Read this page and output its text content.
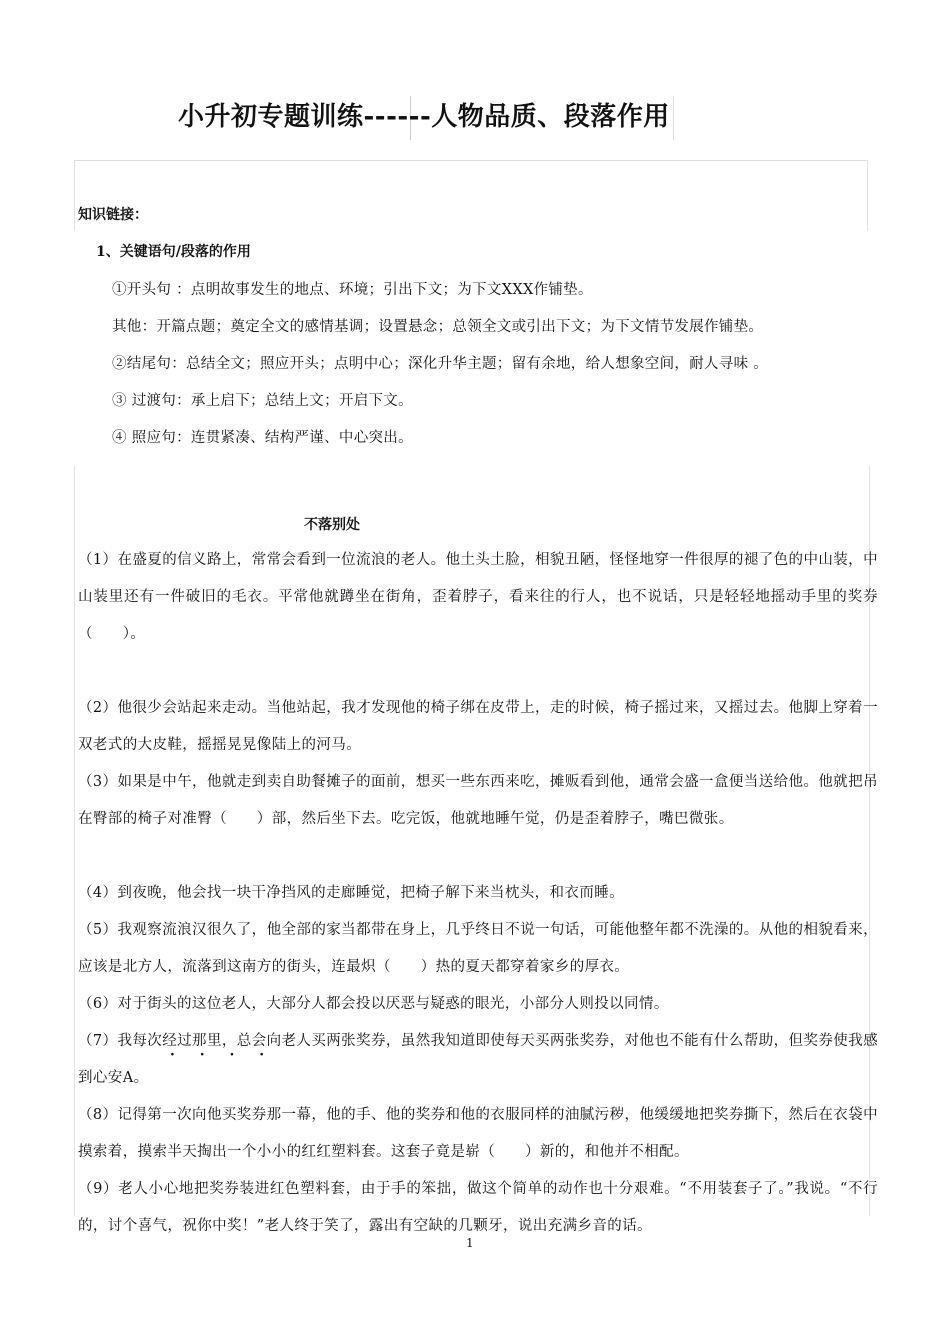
小升初专题训练------人物品质、段落作用
知识链接：
1、关键语句/段落的作用
①开头句 ：点明故事发生的地点、环境；引出下文；为下文XXX作铺垫。
其他：开篇点题；奠定全文的感情基调；设置悬念；总领全文或引出下文；为下文情节发展作铺垫。
②结尾句：总结全文；照应开头；点明中心；深化升华主题；留有余地，给人想象空间，耐人寻味 。
③ 过渡句：承上启下；总结上文；开启下文。
④ 照应句：连贯紧凑、结构严谨、中心突出。
不落别处
（1）在盛夏的信义路上，常常会看到一位流浪的老人。他土头土脸，相貌丑陋，怪怪地穿一件很厚的褪了色的中山装，中山装里还有一件破旧的毛衣。平常他就蹲坐在街角，歪着脖子，看来往的行人，也不说话，只是轻轻地摇动手里的奖券（　　）。
（2）他很少会站起来走动。当他站起，我才发现他的椅子绑在皮带上，走的时候，椅子摇过来，又摇过去。他脚上穿着一双老式的大皮鞋，摇摇晃晃像陆上的河马。
（3）如果是中午，他就走到卖自助餐摊子的面前，想买一些东西来吃，摊贩看到他，通常会盛一盒便当送给他。他就把吊在臀部的椅子对准臀（　　）部，然后坐下去。吃完饭，他就地睡午觉，仍是歪着脖子，嘴巴微张。
（4）到夜晚，他会找一块干净挡风的走廊睡觉，把椅子解下来当枕头，和衣而睡。
（5）我观察流浪汉很久了，他全部的家当都带在身上，几乎终日不说一句话，可能他整年都不洗澡的。从他的相貌看来，应该是北方人，流落到这南方的街头，连最炽（　　）热的夏天都穿着家乡的厚衣。
（6）对于街头的这位老人，大部分人都会投以厌恶与疑惑的眼光，小部分人则投以同情。
（7）我每次经过那里，总会向老人买两张奖券，虽然我知道即使每天买两张奖券，对他也不能有什么帮助，但奖券使我感到心安A。
· · · ·
（8）记得第一次向他买奖券那一幕，他的手、他的奖券和他的衣服同样的油腻污秽，他缓缓地把奖券撕下，然后在衣袋中摸索着，摸索半天掏出一个小小的红红塑料套。这套子竟是崭（　　）新的，和他并不相配。
（9）老人小心地把奖券装进红色塑料套，由于手的笨拙，做这个简单的动作也十分艰难。“不用装套子了。”我说。“不行的，讨个喜气，祝你中奖！”老人终于笑了，露出有空缺的几颗牙，说出充满乡音的话。
1
